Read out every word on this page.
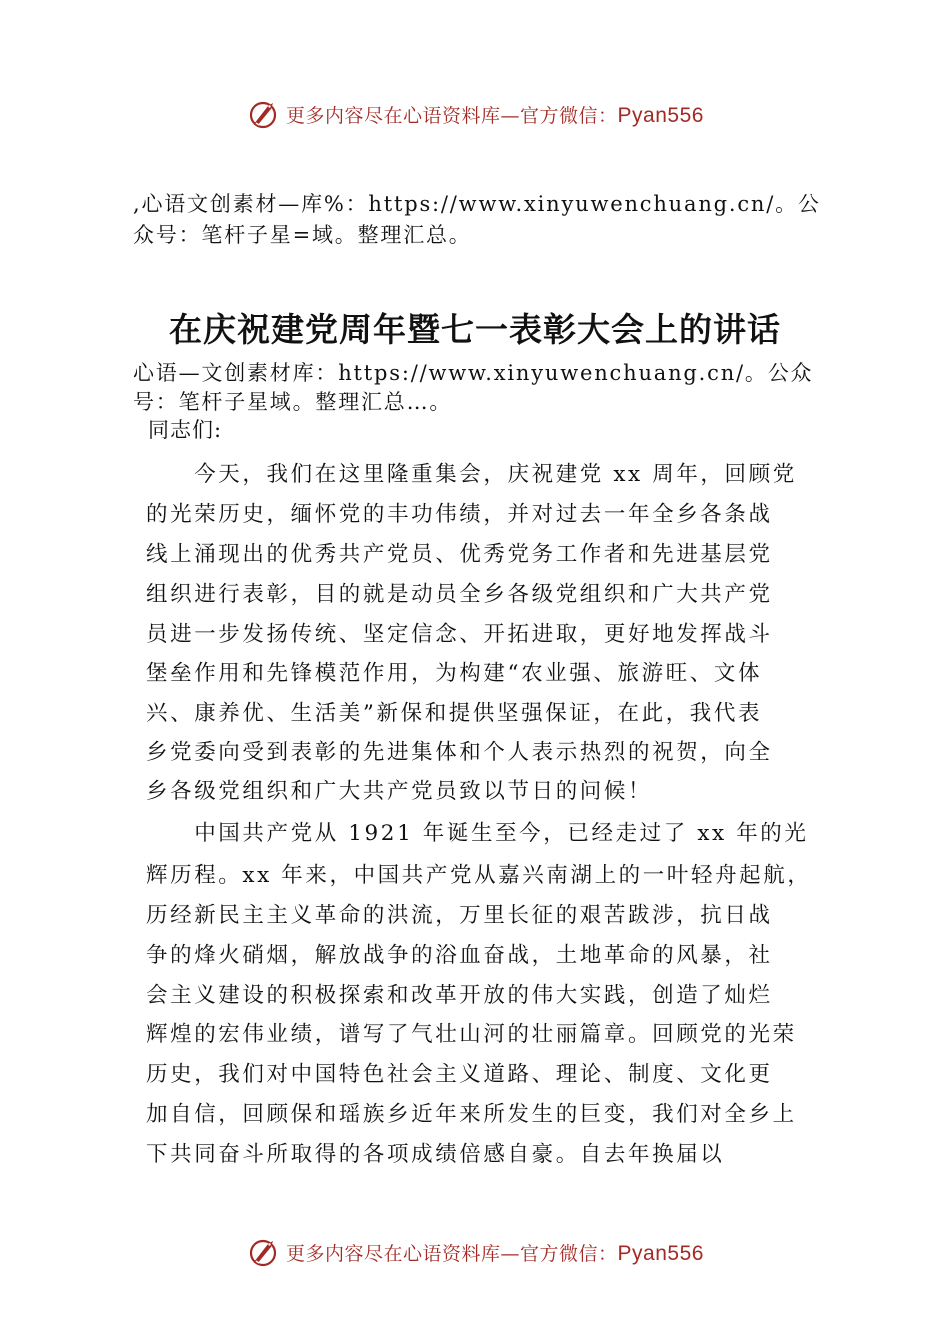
更多内容尽在心语资料库—官方微信：Pyan556
,心语文创素材—库%：https://www.xinyuwenchuang.cn/。公
众号：笔杆子星=域。整理汇总。
在庆祝建党周年暨七一表彰大会上的讲话
心语—文创素材库：https://www.xinyuwenchuang.cn/。公众
号：笔杆子星域。整理汇总…。
同志们:
　　今天，我们在这里隆重集会，庆祝建党 xx 周年，回顾党
的光荣历史，缅怀党的丰功伟绩，并对过去一年全乡各条战
线上涌现出的优秀共产党员、优秀党务工作者和先进基层党
组织进行表彰，目的就是动员全乡各级党组织和广大共产党
员进一步发扬传统、坚定信念、开拓进取，更好地发挥战斗
堡垒作用和先锋模范作用，为构建“农业强、旅游旺、文体
兴、康养优、生活美”新保和提供坚强保证，在此，我代表
乡党委向受到表彰的先进集体和个人表示热烈的祝贺，向全
乡各级党组织和广大共产党员致以节日的问候！
　　中国共产党从 1921 年诞生至今，已经走过了 xx 年的光
辉历程。xx 年来，中国共产党从嘉兴南湖上的一叶轻舟起航，
历经新民主主义革命的洪流，万里长征的艰苦跋涉，抗日战
争的烽火硝烟，解放战争的浴血奋战，土地革命的风暴，社
会主义建设的积极探索和改革开放的伟大实践，创造了灿烂
辉煌的宏伟业绩，谱写了气壮山河的壮丽篇章。回顾党的光荣
历史，我们对中国特色社会主义道路、理论、制度、文化更
加自信，回顾保和瑶族乡近年来所发生的巨变，我们对全乡上
下共同奋斗所取得的各项成绩倍感自豪。自去年换届以
更多内容尽在心语资料库—官方微信：Pyan556
